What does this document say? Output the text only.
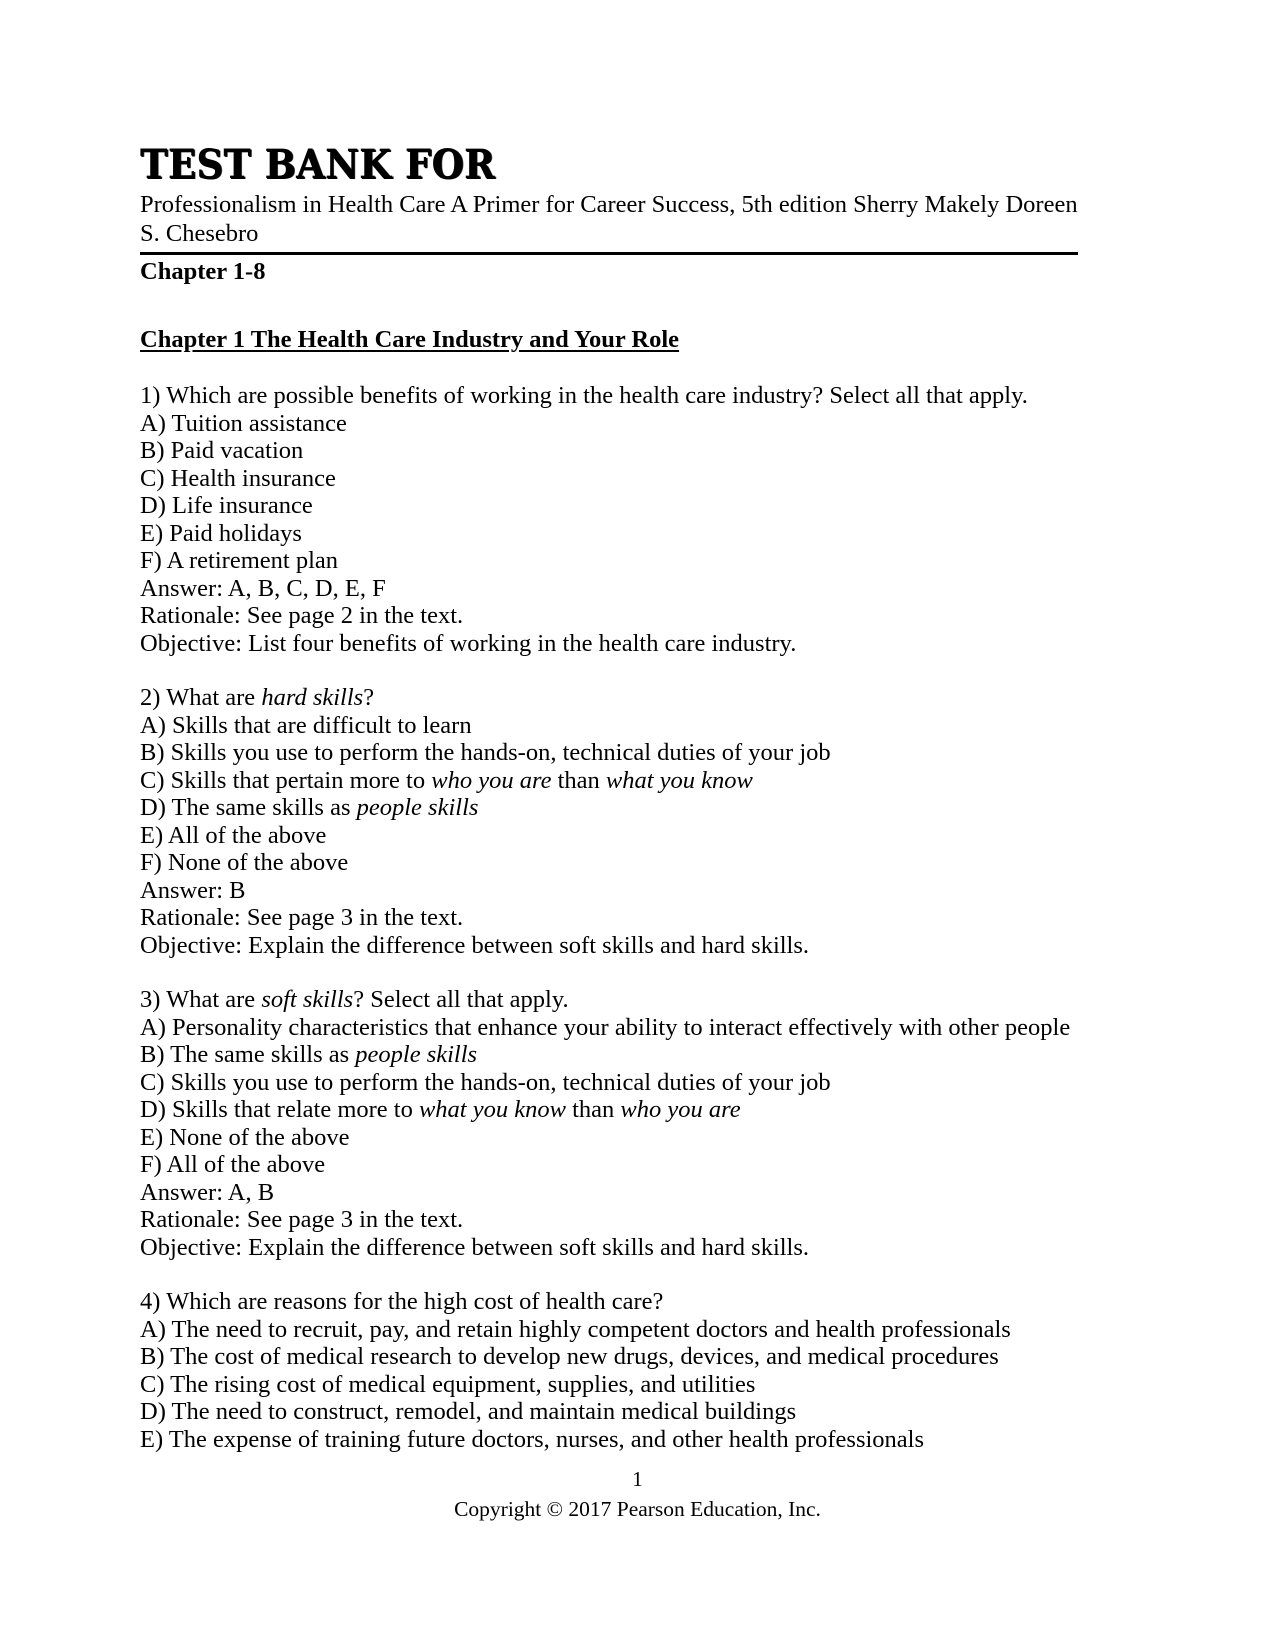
TEST BANK FOR

Professionalism in Health Care A Primer for Career Success, 5th edition Sherry Makely Doreen

S. Chesebro

Chapter 1-8

Chapter 1 The Health Care Industry and Your Role

1) Which are possible benefits of working in the health care industry? Select all that apply.

A) Tuition assistance

B) Paid vacation

C) Health insurance

D) Life insurance

E) Paid holidays

F) A retirement plan

Answer: A, B, C, D, E, F

Rationale: See page 2 in the text.

Objective: List four benefits of working in the health care industry.

2) What are hard skills?

A) Skills that are difficult to learn

B) Skills you use to perform the hands-on, technical duties of your job

C) Skills that pertain more to who you are than what you know

D) The same skills as people skills

E) All of the above

F) None of the above

Answer: B

Rationale: See page 3 in the text.

Objective: Explain the difference between soft skills and hard skills.

3) What are soft skills? Select all that apply.

A) Personality characteristics that enhance your ability to interact effectively with other people

B) The same skills as people skills

C) Skills you use to perform the hands-on, technical duties of your job

D) Skills that relate more to what you know than who you are

E) None of the above

F) All of the above

Answer: A, B

Rationale: See page 3 in the text.

Objective: Explain the difference between soft skills and hard skills.

4) Which are reasons for the high cost of health care?

A) The need to recruit, pay, and retain highly competent doctors and health professionals

B) The cost of medical research to develop new drugs, devices, and medical procedures

C) The rising cost of medical equipment, supplies, and utilities

D) The need to construct, remodel, and maintain medical buildings

E) The expense of training future doctors, nurses, and other health professionals

1

Copyright © 2017 Pearson Education, Inc.
